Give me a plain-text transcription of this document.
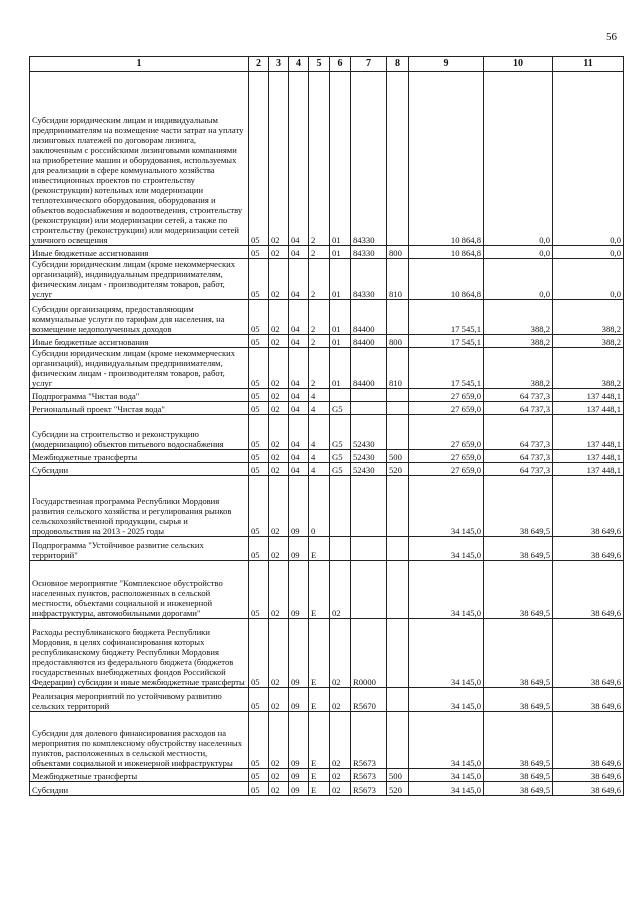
56
1	2	3	4	5	6	7	8	9	10	11
Субсидии юридическим лицам и индивидуальным предпринимателям на возмещение части затрат на уплату лизинговых платежей по договорам лизинга, заключенным с российскими лизинговыми компаниями на приобретение машин и оборудования, используемых для реализации в сфере коммунального хозяйства инвестиционных проектов по строительству (реконструкции) котельных или модернизации теплотехнического оборудования, оборудования и объектов водоснабжения и водоотведения, строительству (реконструкции) или модернизации сетей, а также по строительству (реконструкции) или модернизации сетей уличного освещения	05	02	04	2	01	84330		10 864,8	0,0	0,0
Иные бюджетные ассигнования	05	02	04	2	01	84330	800	10 864,8	0,0	0,0
Субсидии юридическим лицам (кроме некоммерческих организаций), индивидуальным предпринимателям, физическим лицам - производителям товаров, работ, услуг	05	02	04	2	01	84330	810	10 864,8	0,0	0,0
Субсидии организациям, предоставляющим коммунальные услуги по тарифам для населения, на возмещение недополученных доходов	05	02	04	2	01	84400		17 545,1	388,2	388,2
Иные бюджетные ассигнования	05	02	04	2	01	84400	800	17 545,1	388,2	388,2
Субсидии юридическим лицам (кроме некоммерческих организаций), индивидуальным предпринимателям, физическим лицам - производителям товаров, работ, услуг	05	02	04	2	01	84400	810	17 545,1	388,2	388,2
Подпрограмма "Чистая вода"	05	02	04	4				27 659,0	64 737,3	137 448,1
Региональный проект "Чистая вода"	05	02	04	4	G5			27 659,0	64 737,3	137 448,1
Субсидии на строительство и реконструкцию (модернизацию) объектов питьевого водоснабжения	05	02	04	4	G5	52430		27 659,0	64 737,3	137 448,1
Межбюджетные трансферты	05	02	04	4	G5	52430	500	27 659,0	64 737,3	137 448,1
Субсидии	05	02	04	4	G5	52430	520	27 659,0	64 737,3	137 448,1
Государственная программа Республики Мордовия развития сельского хозяйства и регулирования рынков сельскохозяйственной продукции, сырья и продовольствия на 2013 - 2025 годы	05	02	09	0				34 145,0	38 649,5	38 649,6
Подпрограмма "Устойчивое развитие сельских территорий"	05	02	09	Е				34 145,0	38 649,5	38 649,6
Основное мероприятие "Комплексное обустройство населенных пунктов, расположенных в сельской местности, объектами социальной и инженерной инфраструктуры, автомобильными дорогами"	05	02	09	Е	02			34 145,0	38 649,5	38 649,6
Расходы республиканского бюджета Республики Мордовия, в целях софинансирования которых республиканскому бюджету Республики Мордовия предоставляются из федерального бюджета (бюджетов государственных внебюджетных фондов Российской Федерации) субсидии и иные межбюджетные трансферты	05	02	09	Е	02	R0000		34 145,0	38 649,5	38 649,6
Реализация мероприятий по устойчивому развитию сельских территорий	05	02	09	Е	02	R5670		34 145,0	38 649,5	38 649,6
Субсидии для долевого финансирования расходов на мероприятия по комплексному обустройству населенных пунктов, расположенных в сельской местности, объектами социальной и инженерной инфраструктуры	05	02	09	Е	02	R5673		34 145,0	38 649,5	38 649,6
Межбюджетные трансферты	05	02	09	Е	02	R5673	500	34 145,0	38 649,5	38 649,6
Субсидии	05	02	09	Е	02	R5673	520	34 145,0	38 649,5	38 649,6
